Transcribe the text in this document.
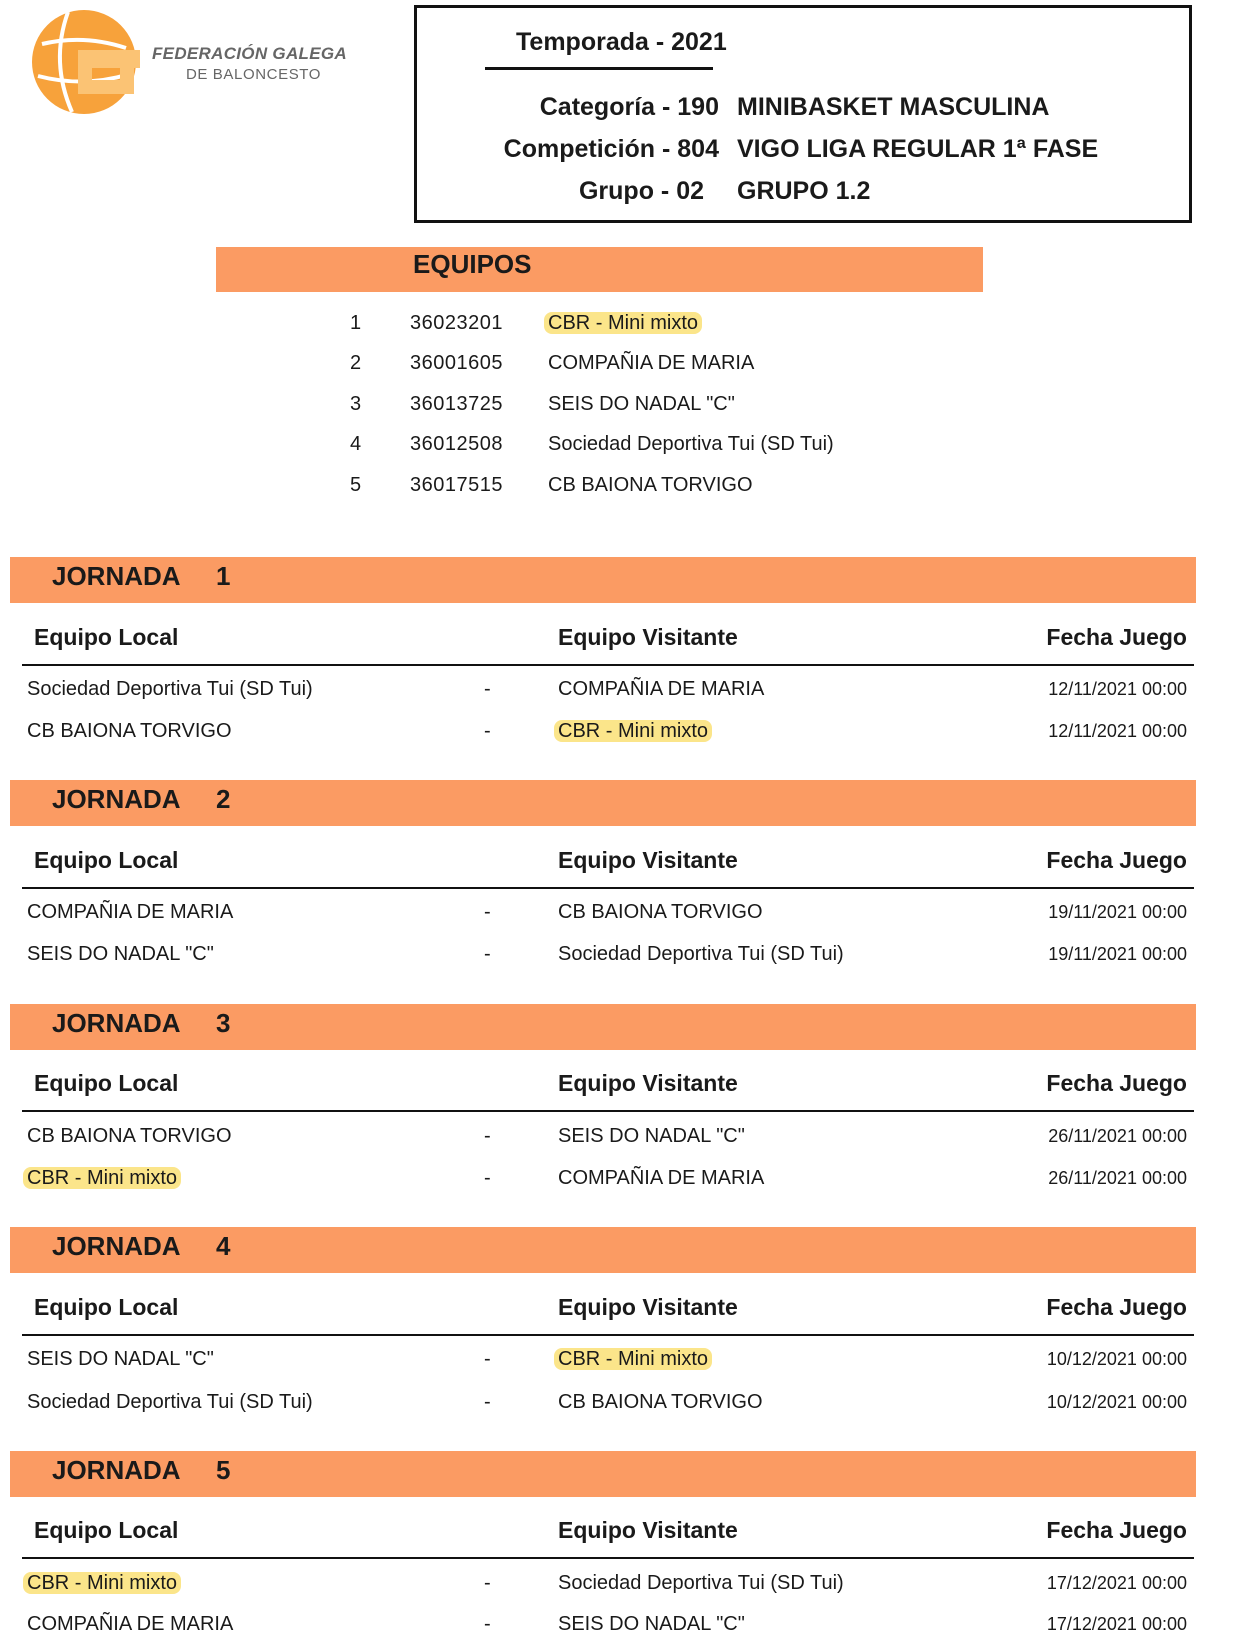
FEDERACIÓN GALEGA
DE BALONCESTO
Temporada - 2021
Categoría - 190 MINIBASKET MASCULINA
Competición - 804 VIGO LIGA REGULAR 1ª FASE
Grupo - 02 GRUPO 1.2
EQUIPOS
1 36023201 CBR - Mini mixto
2 36001605 COMPAÑIA DE MARIA
3 36013725 SEIS DO NADAL "C"
4 36012508 Sociedad Deportiva Tui (SD Tui)
5 36017515 CB BAIONA TORVIGO
JORNADA 1
Equipo Local	Equipo Visitante	Fecha Juego
Sociedad Deportiva Tui (SD Tui)	-	COMPAÑIA DE MARIA	12/11/2021 00:00
CB BAIONA TORVIGO	-	CBR - Mini mixto	12/11/2021 00:00
JORNADA 2
Equipo Local	Equipo Visitante	Fecha Juego
COMPAÑIA DE MARIA	-	CB BAIONA TORVIGO	19/11/2021 00:00
SEIS DO NADAL "C"	-	Sociedad Deportiva Tui (SD Tui)	19/11/2021 00:00
JORNADA 3
Equipo Local	Equipo Visitante	Fecha Juego
CB BAIONA TORVIGO	-	SEIS DO NADAL "C"	26/11/2021 00:00
CBR - Mini mixto	-	COMPAÑIA DE MARIA	26/11/2021 00:00
JORNADA 4
Equipo Local	Equipo Visitante	Fecha Juego
SEIS DO NADAL "C"	-	CBR - Mini mixto	10/12/2021 00:00
Sociedad Deportiva Tui (SD Tui)	-	CB BAIONA TORVIGO	10/12/2021 00:00
JORNADA 5
Equipo Local	Equipo Visitante	Fecha Juego
CBR - Mini mixto	-	Sociedad Deportiva Tui (SD Tui)	17/12/2021 00:00
COMPAÑIA DE MARIA	-	SEIS DO NADAL "C"	17/12/2021 00:00
